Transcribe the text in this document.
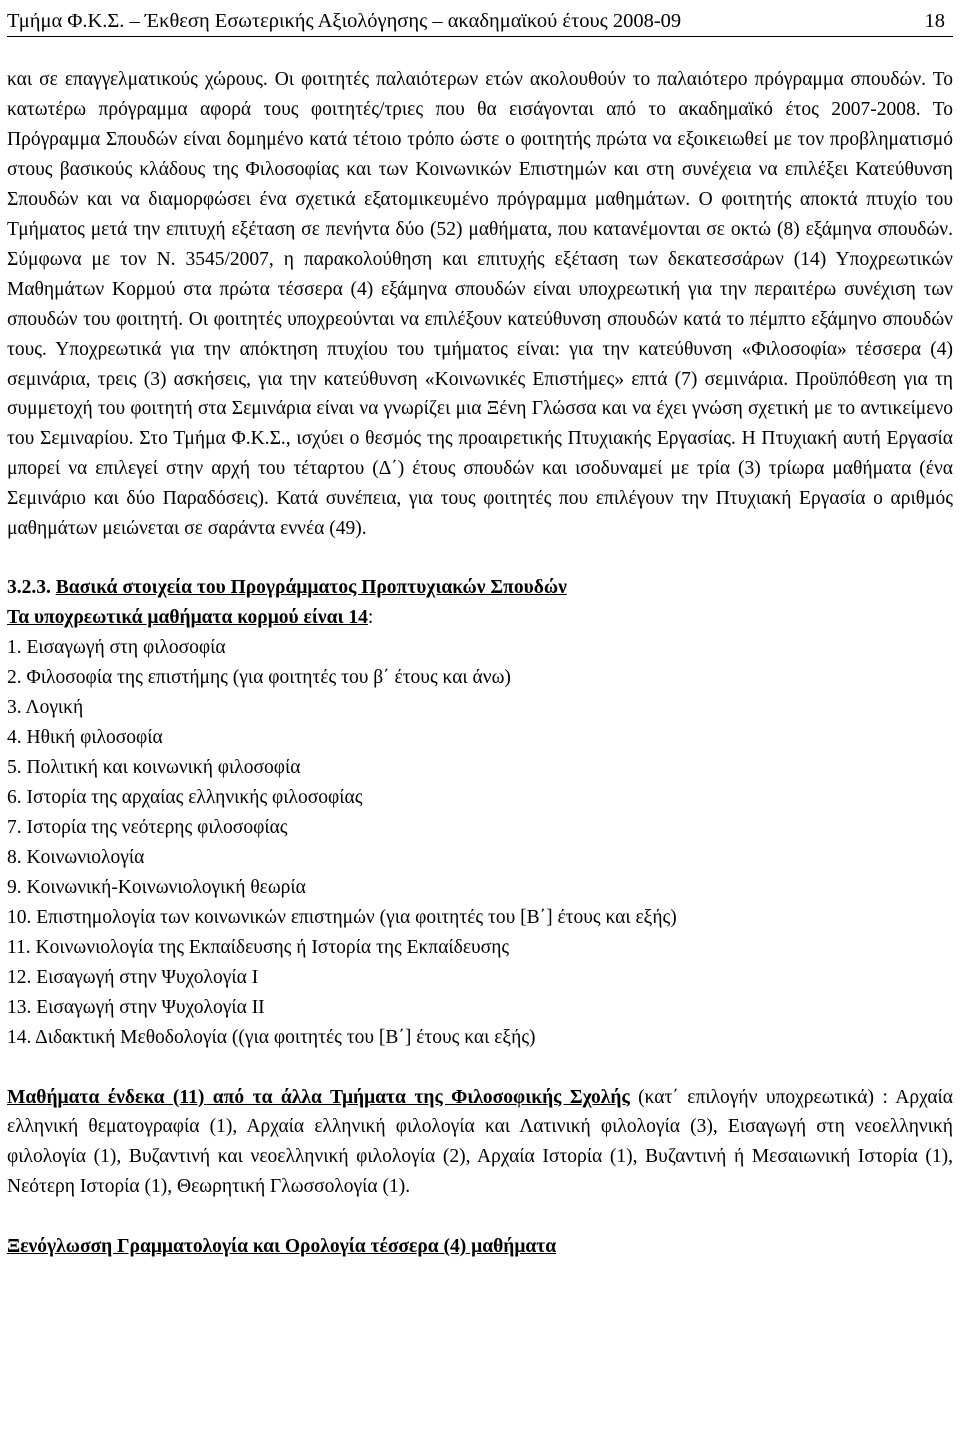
Τμήμα Φ.Κ.Σ. – Έκθεση Εσωτερικής Αξιολόγησης – ακαδημαϊκού έτους 2008-09	18

και σε επαγγελματικούς χώρους. Οι φοιτητές παλαιότερων ετών ακολουθούν το παλαιότερο πρόγραμμα σπουδών. Το κατωτέρω πρόγραμμα αφορά τους φοιτητές/τριες που θα εισάγονται από το ακαδημαϊκό έτος 2007-2008. Το Πρόγραμμα Σπουδών είναι δομημένο κατά τέτοιο τρόπο ώστε ο φοιτητής πρώτα να εξοικειωθεί με τον προβληματισμό στους βασικούς κλάδους της Φιλοσοφίας και των Κοινωνικών Επιστημών και στη συνέχεια να επιλέξει Κατεύθυνση Σπουδών και να διαμορφώσει ένα σχετικά εξατομικευμένο πρόγραμμα μαθημάτων. Ο φοιτητής αποκτά πτυχίο του Τμήματος μετά την επιτυχή εξέταση σε πενήντα δύο (52) μαθήματα, που κατανέμονται σε οκτώ (8) εξάμηνα σπουδών. Σύμφωνα με τον Ν. 3545/2007, η παρακολούθηση και επιτυχής εξέταση των δεκατεσσάρων (14) Υποχρεωτικών Μαθημάτων Κορμού στα πρώτα τέσσερα (4) εξάμηνα σπουδών είναι υποχρεωτική για την περαιτέρω συνέχιση των σπουδών του φοιτητή. Οι φοιτητές υποχρεούνται να επιλέξουν κατεύθυνση σπουδών κατά το πέμπτο εξάμηνο σπουδών τους. Υποχρεωτικά για την απόκτηση πτυχίου του τμήματος είναι: για την κατεύθυνση «Φιλοσοφία» τέσσερα (4) σεμινάρια, τρεις (3) ασκήσεις, για την κατεύθυνση «Κοινωνικές Επιστήμες» επτά (7) σεμινάρια. Προϋπόθεση για τη συμμετοχή του φοιτητή στα Σεμινάρια είναι να γνωρίζει μια Ξένη Γλώσσα και να έχει γνώση σχετική με το αντικείμενο του Σεμιναρίου. Στο Τμήμα Φ.Κ.Σ., ισχύει ο θεσμός της προαιρετικής Πτυχιακής Εργασίας. Η Πτυχιακή αυτή Εργασία μπορεί να επιλεγεί στην αρχή του τέταρτου (Δ΄) έτους σπουδών και ισοδυναμεί με τρία (3) τρίωρα μαθήματα (ένα Σεμινάριο και δύο Παραδόσεις). Κατά συνέπεια, για τους φοιτητές που επιλέγουν την Πτυχιακή Εργασία ο αριθμός μαθημάτων μειώνεται σε σαράντα εννέα (49).

3.2.3. Βασικά στοιχεία του Προγράμματος Προπτυχιακών Σπουδών
Τα υποχρεωτικά μαθήματα κορμού είναι 14:
1. Εισαγωγή στη φιλοσοφία
2. Φιλοσοφία της επιστήμης (για φοιτητές του β΄ έτους και άνω)
3. Λογική
4. Ηθική φιλοσοφία
5. Πολιτική και κοινωνική φιλοσοφία
6. Ιστορία της αρχαίας ελληνικής φιλοσοφίας
7. Ιστορία της νεότερης φιλοσοφίας
8. Κοινωνιολογία
9. Κοινωνική-Κοινωνιολογική θεωρία
10. Επιστημολογία των κοινωνικών επιστημών (για φοιτητές του [Β΄] έτους και εξής)
11. Κοινωνιολογία της Εκπαίδευσης ή Ιστορία της Εκπαίδευσης
12. Εισαγωγή στην Ψυχολογία Ι
13. Εισαγωγή στην Ψυχολογία ΙΙ
14. Διδακτική Μεθοδολογία ((για φοιτητές του [Β΄] έτους και εξής)

Μαθήματα ένδεκα (11) από τα άλλα Τμήματα της Φιλοσοφικής Σχολής (κατ΄ επιλογήν υποχρεωτικά) : Αρχαία ελληνική θεματογραφία (1), Αρχαία ελληνική φιλολογία και Λατινική φιλολογία (3), Εισαγωγή στη νεοελληνική φιλολογία (1), Βυζαντινή και νεοελληνική φιλολογία (2), Αρχαία Ιστορία (1), Βυζαντινή ή Μεσαιωνική Ιστορία (1), Νεότερη Ιστορία (1), Θεωρητική Γλωσσολογία (1).

Ξενόγλωσση Γραμματολογία και Ορολογία τέσσερα (4) μαθήματα
